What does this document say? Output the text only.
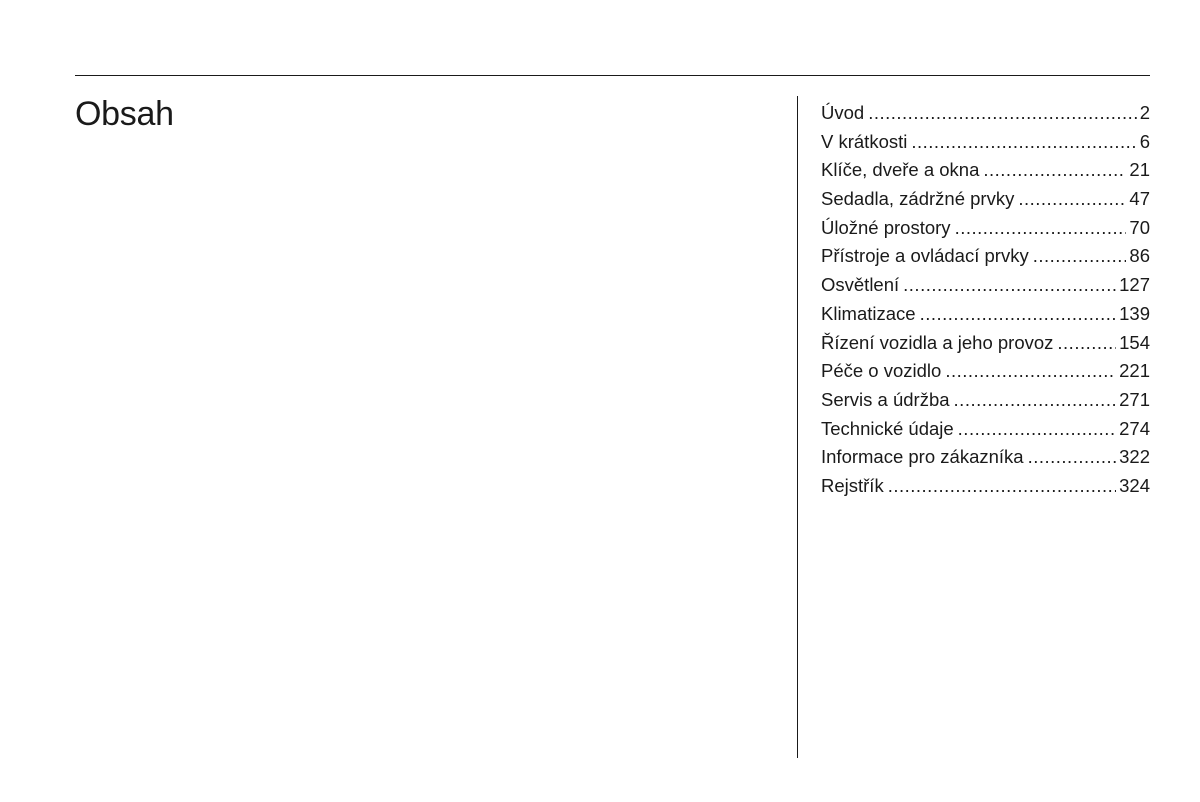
Obsah	Úvod .....	2
V krátkosti .....	6
Klíče, dveře a okna .....	21
Sedadla, zádržné prvky .....	47
Úložné prostory .....	70
Přístroje a ovládací prvky .....	86
Osvětlení .....	127
Klimatizace .....	139
Řízení vozidla a jeho provoz .....	154
Péče o vozidlo .....	221
Servis a údržba .....	271
Technické údaje .....	274
Informace pro zákazníka .....	322
Rejstřík .....	324
